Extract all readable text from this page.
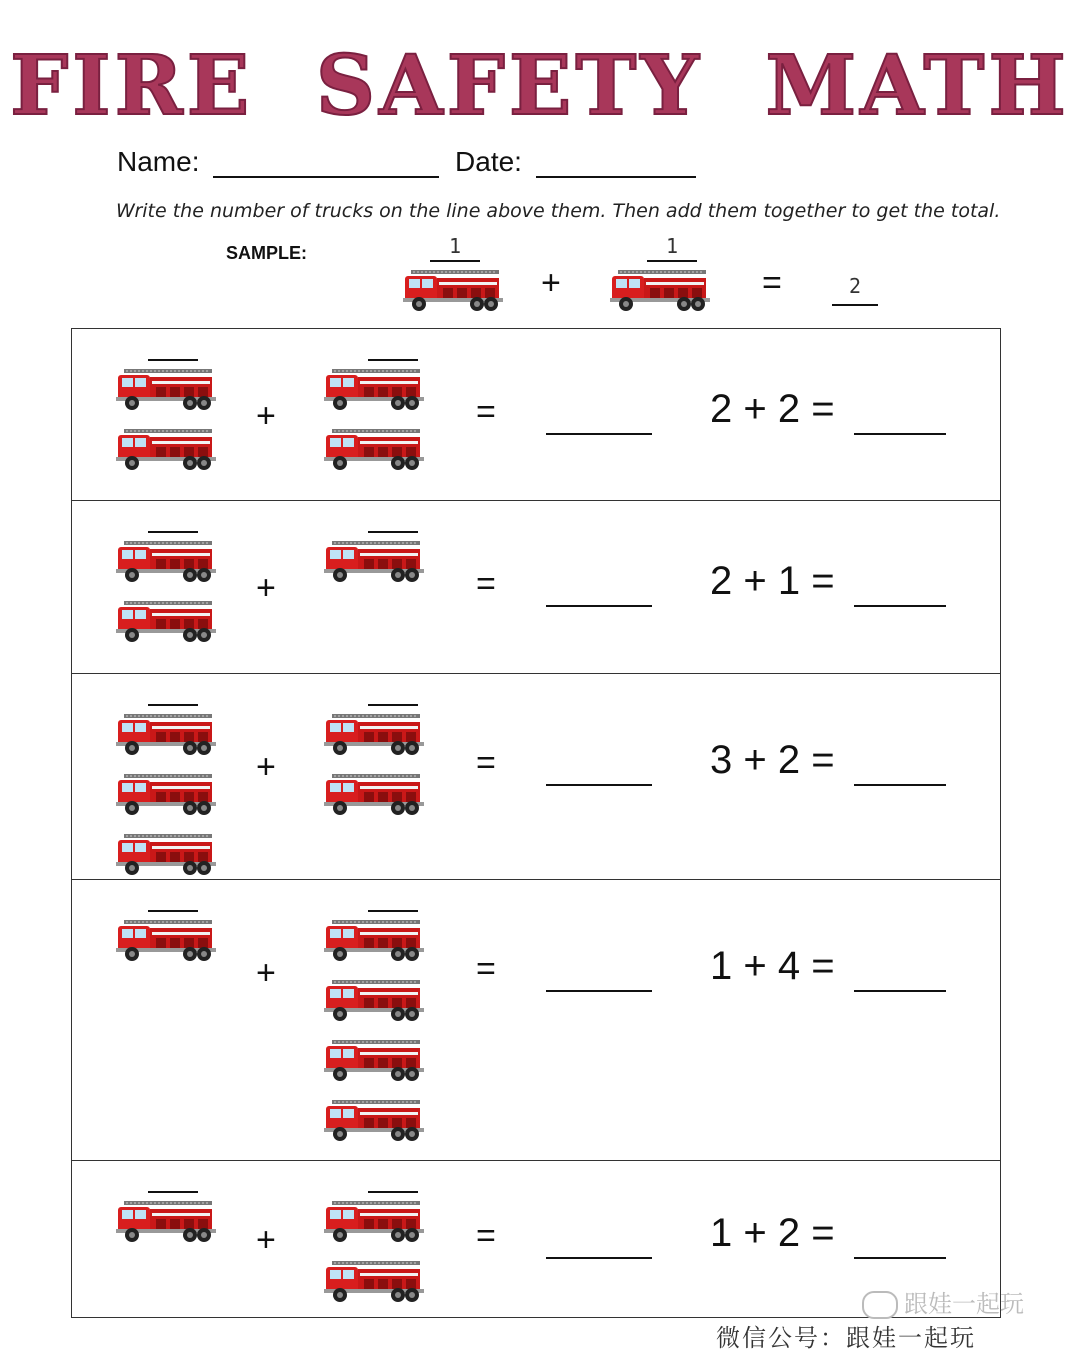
FIRE SAFETY MATH
Name:	Date:
Write the number of trucks on the line above them. Then add them together to get the total.
SAMPLE:	1
+
1
=	2
+	=	2 + 2 =
+	=	2 + 1 =
+	=	3 + 2 =
+	=	1 + 4 =
+	=	1 + 2 =
跟娃一起玩
微信公号：跟娃一起玩
